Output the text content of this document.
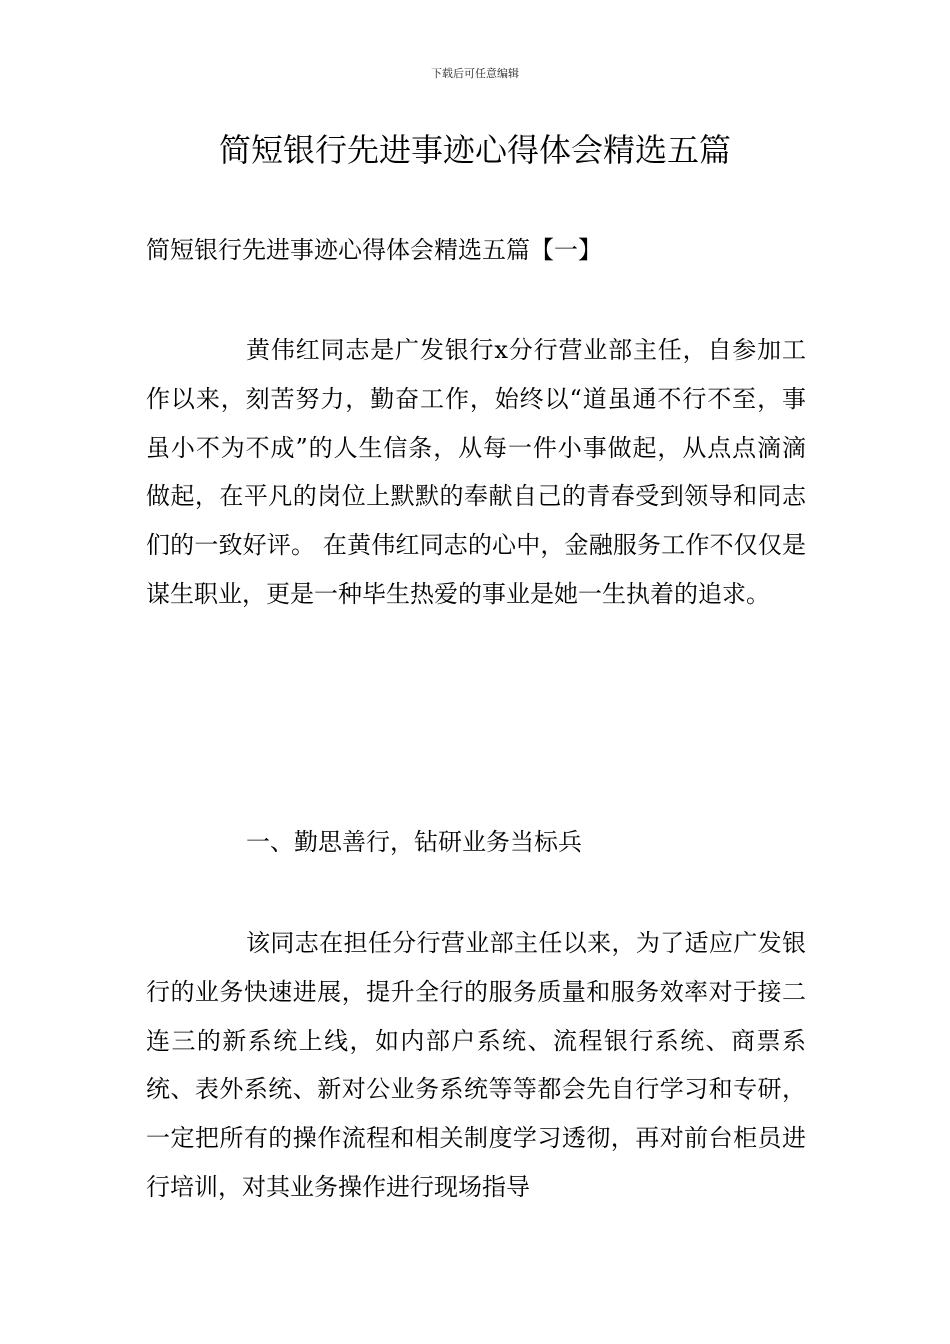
下载后可任意编辑
简短银行先进事迹心得体会精选五篇
简短银行先进事迹心得体会精选五篇【一】

黄伟红同志是广发银行x分行营业部主任，自参加工作以来，刻苦努力，勤奋工作，始终以“道虽通不行不至，事虽小不为不成”的人生信条，从每一件小事做起，从点点滴滴做起，在平凡的岗位上默默的奉献自己的青春受到领导和同志们的一致好评。 在黄伟红同志的心中，金融服务工作不仅仅是谋生职业，更是一种毕生热爱的事业是她一生执着的追求。

一、勤思善行，钻研业务当标兵

该同志在担任分行营业部主任以来，为了适应广发银行的业务快速进展，提升全行的服务质量和服务效率对于接二连三的新系统上线，如内部户系统、流程银行系统、商票系统、表外系统、新对公业务系统等等都会先自行学习和专研，一定把所有的操作流程和相关制度学习透彻，再对前台柜员进行培训，对其业务操作进行现场指导
